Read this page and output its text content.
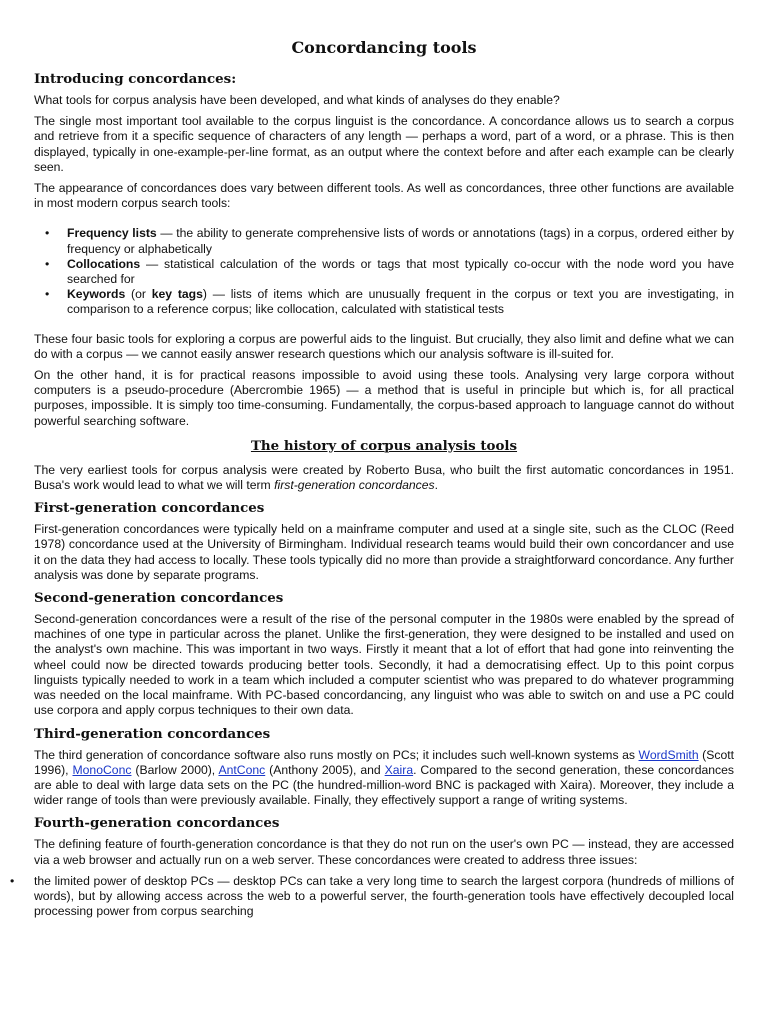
Concordancing tools
Introducing concordances:

What tools for corpus analysis have been developed, and what kinds of analyses do they enable?

The single most important tool available to the corpus linguist is the concordance. A concordance allows us to search a corpus and retrieve from it a specific sequence of characters of any length — perhaps a word, part of a word, or a phrase. This is then displayed, typically in one-example-per-line format, as an output where the context before and after each example can be clearly seen.

The appearance of concordances does vary between different tools. As well as concordances, three other functions are available in most modern corpus search tools:

• Frequency lists — the ability to generate comprehensive lists of words or annotations (tags) in a corpus, ordered either by frequency or alphabetically
• Collocations — statistical calculation of the words or tags that most typically co-occur with the node word you have searched for
• Keywords (or key tags) — lists of items which are unusually frequent in the corpus or text you are investigating, in comparison to a reference corpus; like collocation, calculated with statistical tests

These four basic tools for exploring a corpus are powerful aids to the linguist. But crucially, they also limit and define what we can do with a corpus — we cannot easily answer research questions which our analysis software is ill-suited for.

On the other hand, it is for practical reasons impossible to avoid using these tools. Analysing very large corpora without computers is a pseudo-procedure (Abercrombie 1965) — a method that is useful in principle but which is, for all practical purposes, impossible. It is simply too time-consuming. Fundamentally, the corpus-based approach to language cannot do without powerful searching software.

The history of corpus analysis tools

The very earliest tools for corpus analysis were created by Roberto Busa, who built the first automatic concordances in 1951. Busa's work would lead to what we will term first-generation concordances.

First-generation concordances

First-generation concordances were typically held on a mainframe computer and used at a single site, such as the CLOC (Reed 1978) concordance used at the University of Birmingham. Individual research teams would build their own concordancer and use it on the data they had access to locally. These tools typically did no more than provide a straightforward concordance. Any further analysis was done by separate programs.

Second-generation concordances

Second-generation concordances were a result of the rise of the personal computer in the 1980s were enabled by the spread of machines of one type in particular across the planet. Unlike the first-generation, they were designed to be installed and used on the analyst's own machine. This was important in two ways. Firstly it meant that a lot of effort that had gone into reinventing the wheel could now be directed towards producing better tools. Secondly, it had a democratising effect. Up to this point corpus linguists typically needed to work in a team which included a computer scientist who was prepared to do whatever programming was needed on the local mainframe. With PC-based concordancing, any linguist who was able to switch on and use a PC could use corpora and apply corpus techniques to their own data.

Third-generation concordances

The third generation of concordance software also runs mostly on PCs; it includes such well-known systems as WordSmith (Scott 1996), MonoConc (Barlow 2000), AntConc (Anthony 2005), and Xaira. Compared to the second generation, these concordances are able to deal with large data sets on the PC (the hundred-million-word BNC is packaged with Xaira). Moreover, they include a wider range of tools than were previously available. Finally, they effectively support a range of writing systems.

Fourth-generation concordances

The defining feature of fourth-generation concordance is that they do not run on the user's own PC — instead, they are accessed via a web browser and actually run on a web server. These concordances were created to address three issues:

• the limited power of desktop PCs — desktop PCs can take a very long time to search the largest corpora (hundreds of millions of words), but by allowing access across the web to a powerful server, the fourth-generation tools have effectively decoupled local processing power from corpus searching
